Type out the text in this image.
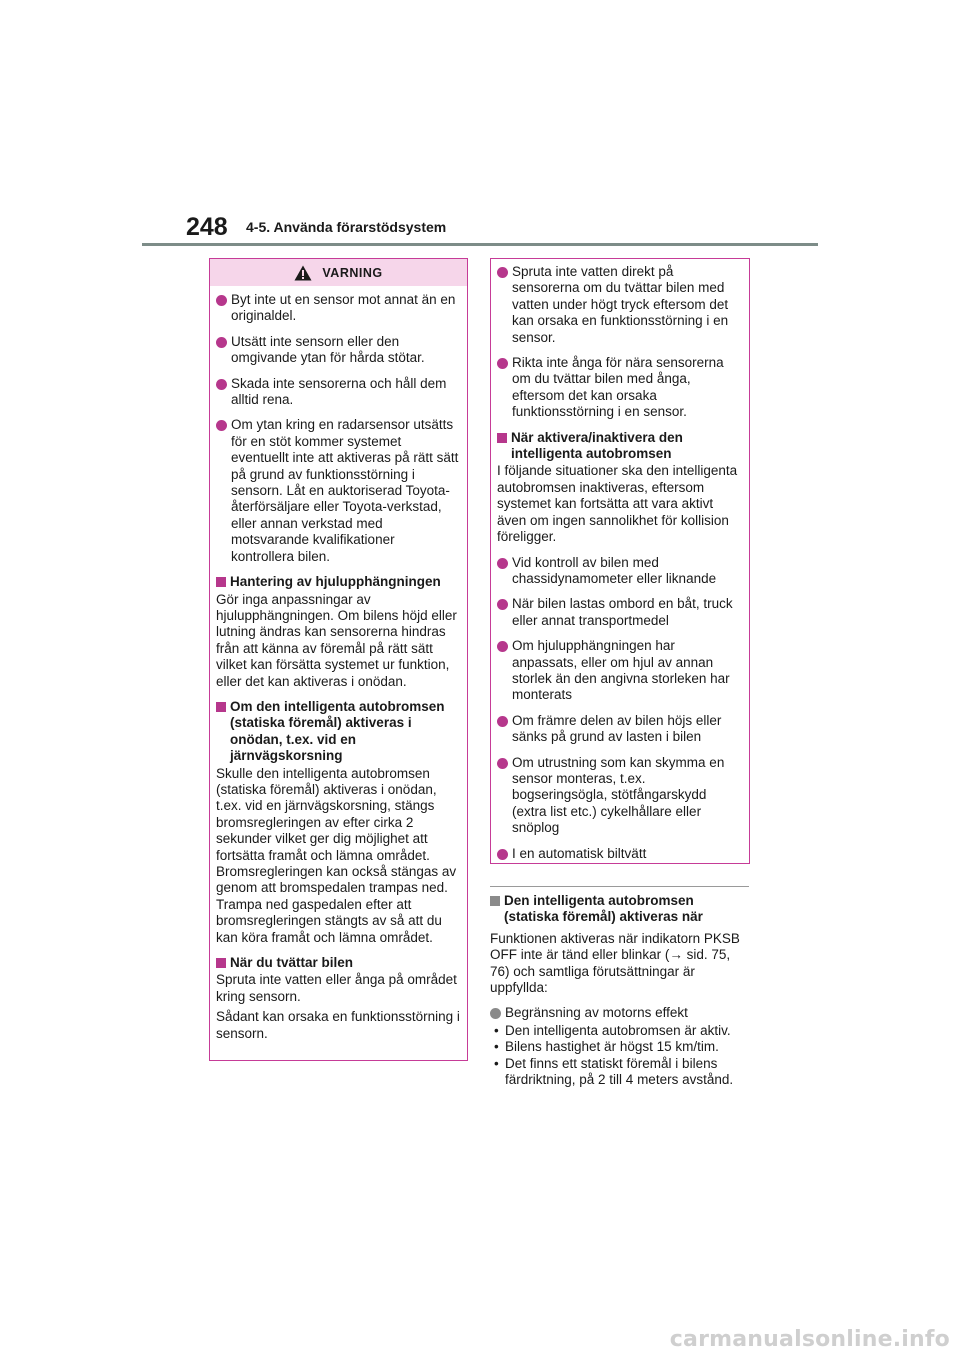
248 4-5. Använda förarstödsystem
VARNING
Byt inte ut en sensor mot annat än en originaldel.
Utsätt inte sensorn eller den omgivande ytan för hårda stötar.
Skada inte sensorerna och håll dem alltid rena.
Om ytan kring en radarsensor utsätts för en stöt kommer systemet eventuellt inte att aktiveras på rätt sätt på grund av funktionsstörning i sensorn. Låt en auktoriserad Toyota-återförsäljare eller Toyota-verkstad, eller annan verkstad med motsvarande kvalifikationer kontrollera bilen.
Hantering av hjulupphängningen
Gör inga anpassningar av hjulupphängningen. Om bilens höjd eller lutning ändras kan sensorerna hindras från att känna av föremål på rätt sätt vilket kan försätta systemet ur funktion, eller det kan aktiveras i onödan.
Om den intelligenta autobromsen (statiska föremål) aktiveras i onödan, t.ex. vid en järnvägskorsning
Skulle den intelligenta autobromsen (statiska föremål) aktiveras i onödan, t.ex. vid en järnvägskorsning, stängs bromsregleringen av efter cirka 2 sekunder vilket ger dig möjlighet att fortsätta framåt och lämna området. Bromsregleringen kan också stängas av genom att bromspedalen trampas ned. Trampa ned gaspedalen efter att bromsregleringen stängts av så att du kan köra framåt och lämna området.
När du tvättar bilen
Spruta inte vatten eller ånga på området kring sensorn.
Sådant kan orsaka en funktionsstörning i sensorn.
Spruta inte vatten direkt på sensorerna om du tvättar bilen med vatten under högt tryck eftersom det kan orsaka en funktionsstörning i en sensor.
Rikta inte ånga för nära sensorerna om du tvättar bilen med ånga, eftersom det kan orsaka funktionsstörning i en sensor.
När aktivera/inaktivera den intelligenta autobromsen
I följande situationer ska den intelligenta autobromsen inaktiveras, eftersom systemet kan fortsätta att vara aktivt även om ingen sannolikhet för kollision föreligger.
Vid kontroll av bilen med chassidynamometer eller liknande
När bilen lastas ombord en båt, truck eller annat transportmedel
Om hjulupphängningen har anpassats, eller om hjul av annan storlek än den angivna storleken har monterats
Om främre delen av bilen höjs eller sänks på grund av lasten i bilen
Om utrustning som kan skymma en sensor monteras, t.ex. bogseringsögla, stötfångarskydd (extra list etc.) cykelhållare eller snöplog
I en automatisk biltvätt
Den intelligenta autobromsen (statiska föremål) aktiveras när
Funktionen aktiveras när indikatorn PKSB OFF inte är tänd eller blinkar (→ sid. 75, 76) och samtliga förutsättningar är uppfyllda:
Begränsning av motorns effekt
• Den intelligenta autobromsen är aktiv.
• Bilens hastighet är högst 15 km/tim.
• Det finns ett statiskt föremål i bilens färdriktning, på 2 till 4 meters avstånd.
carmanualsonline.info
